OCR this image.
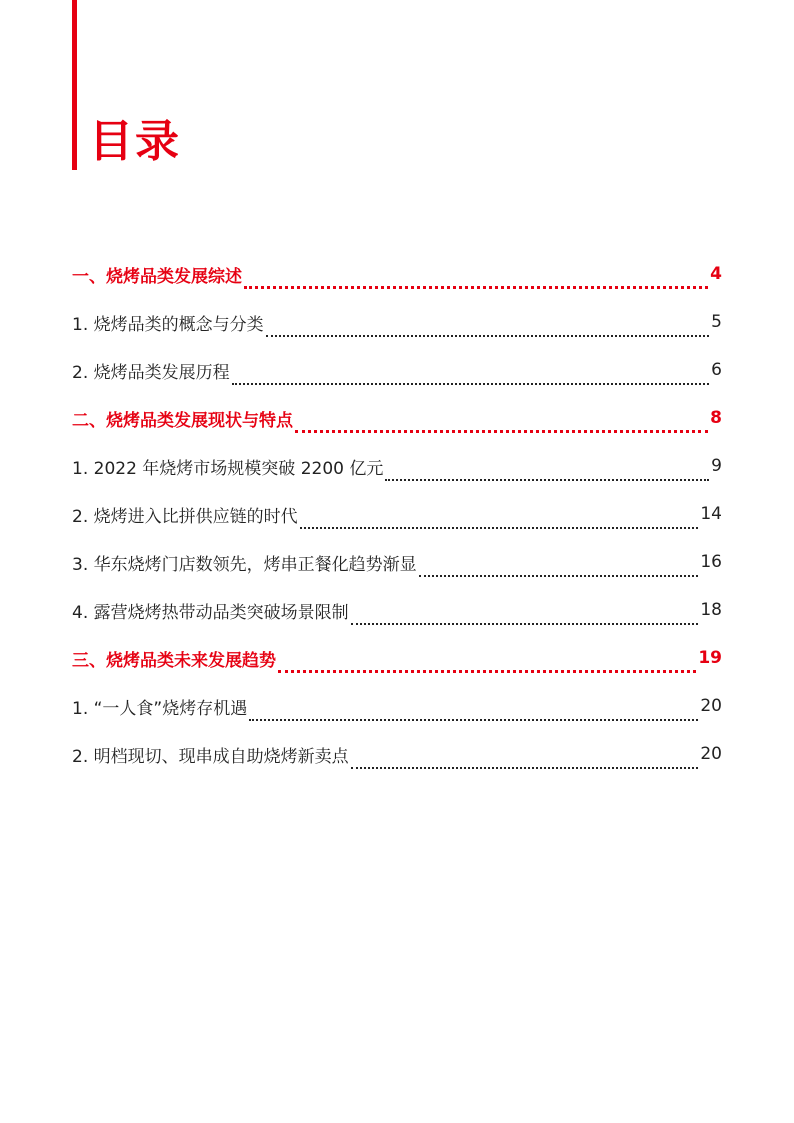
目录
一、烧烤品类发展综述	4
1. 烧烤品类的概念与分类	5
2. 烧烤品类发展历程	6
二、烧烤品类发展现状与特点	8
1. 2022 年烧烤市场规模突破 2200 亿元	9
2. 烧烤进入比拼供应链的时代	14
3. 华东烧烤门店数领先，烤串正餐化趋势渐显	16
4. 露营烧烤热带动品类突破场景限制	18
三、烧烤品类未来发展趋势	19
1. “一人食”烧烤存机遇	20
2. 明档现切、现串成自助烧烤新卖点	20
